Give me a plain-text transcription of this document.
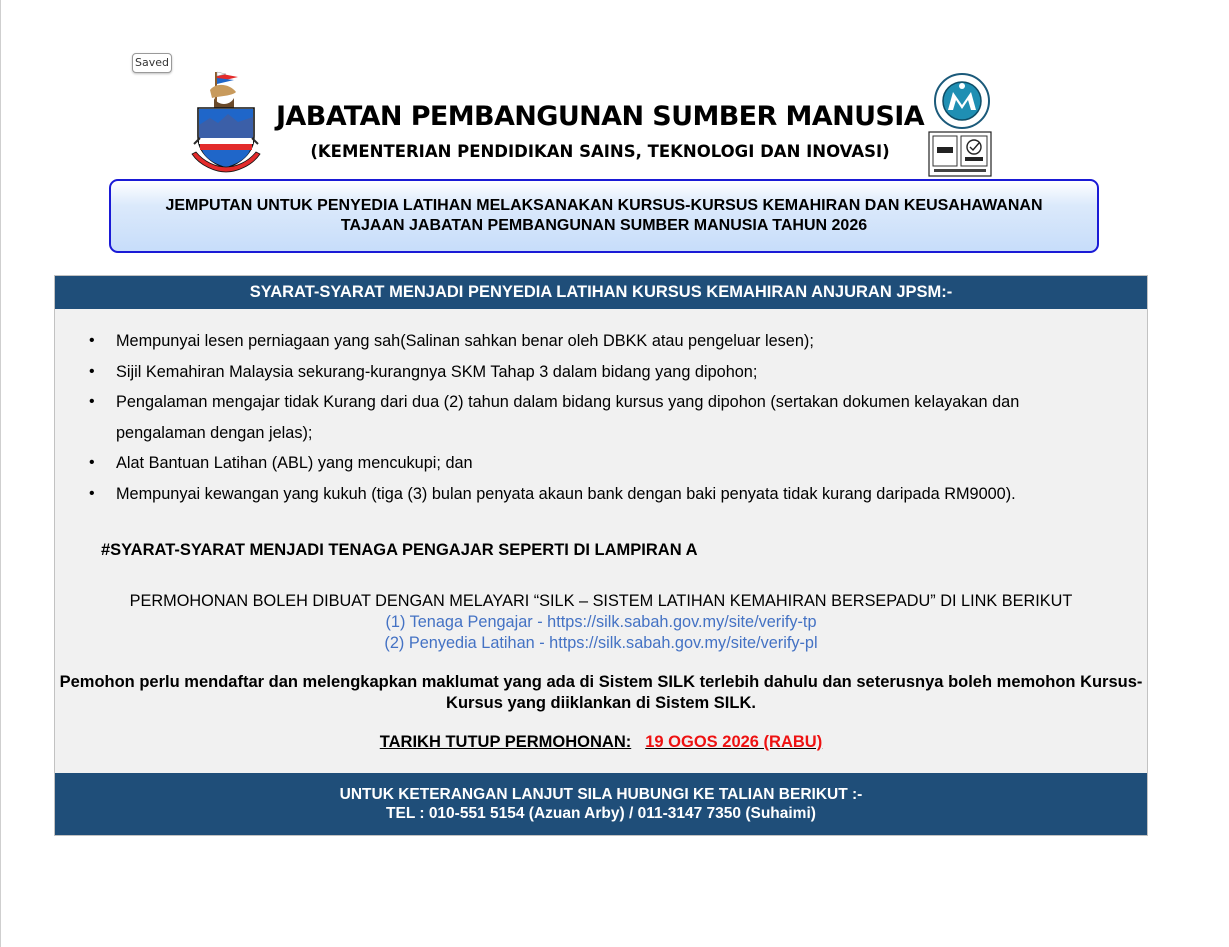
Saved
JABATAN PEMBANGUNAN SUMBER MANUSIA
(KEMENTERIAN PENDIDIKAN SAINS, TEKNOLOGI DAN INOVASI)
JEMPUTAN UNTUK PENYEDIA LATIHAN MELAKSANAKAN KURSUS-KURSUS KEMAHIRAN DAN KEUSAHAWANAN
TAJAAN JABATAN PEMBANGUNAN SUMBER MANUSIA TAHUN 2026
SYARAT-SYARAT MENJADI PENYEDIA LATIHAN KURSUS KEMAHIRAN ANJURAN JPSM:-
• Mempunyai lesen perniagaan yang sah(Salinan sahkan benar oleh DBKK atau pengeluar lesen);
• Sijil Kemahiran Malaysia sekurang-kurangnya SKM Tahap 3 dalam bidang yang dipohon;
• Pengalaman mengajar tidak Kurang dari dua (2) tahun dalam bidang kursus yang dipohon (sertakan dokumen kelayakan dan pengalaman dengan jelas);
• Alat Bantuan Latihan (ABL) yang mencukupi; dan
• Mempunyai kewangan yang kukuh (tiga (3) bulan penyata akaun bank dengan baki penyata tidak kurang daripada RM9000).
#SYARAT-SYARAT MENJADI TENAGA PENGAJAR SEPERTI DI LAMPIRAN A
PERMOHONAN BOLEH DIBUAT DENGAN MELAYARI “SILK – SISTEM LATIHAN KEMAHIRAN BERSEPADU” DI LINK BERIKUT
(1) Tenaga Pengajar - https://silk.sabah.gov.my/site/verify-tp
(2) Penyedia Latihan - https://silk.sabah.gov.my/site/verify-pl
Pemohon perlu mendaftar dan melengkapkan maklumat yang ada di Sistem SILK terlebih dahulu dan seterusnya boleh memohon Kursus-Kursus yang diiklankan di Sistem SILK.
TARIKH TUTUP PERMOHONAN: 19 OGOS 2026 (RABU)
UNTUK KETERANGAN LANJUT SILA HUBUNGI KE TALIAN BERIKUT :-
TEL : 010-551 5154 (Azuan Arby) / 011-3147 7350 (Suhaimi)
